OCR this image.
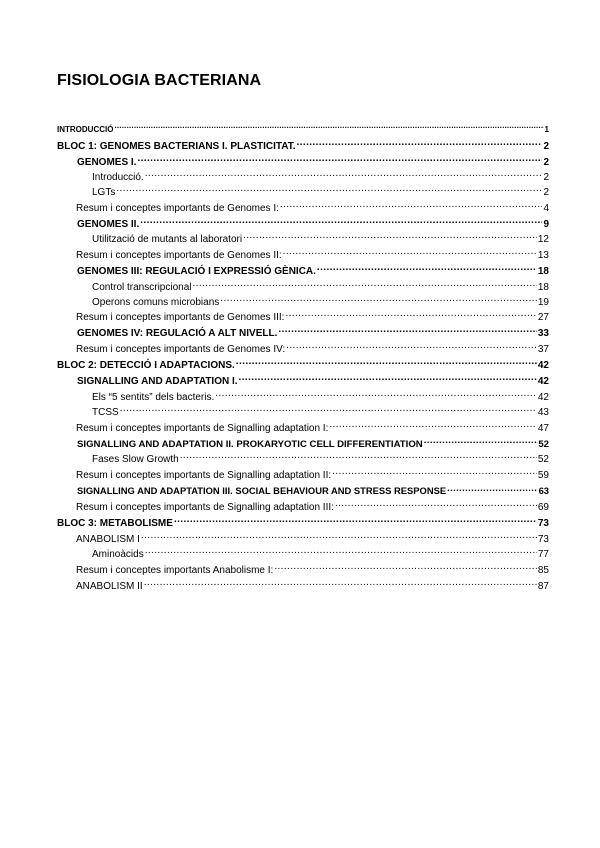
FISIOLOGIA BACTERIANA
INTRODUCCIÓ .....	1
BLOC 1: GENOMES BACTERIANS I. PLASTICITAT. .....	2
GENOMES I. .....	2
Introducció. .....	2
LGTs .....	2
Resum i conceptes importants de Genomes I: .....	4
GENOMES II. .....	9
Utilització de mutants al laboratori .....	12
Resum i conceptes importants de Genomes II: .....	13
GENOMES III: REGULACIÓ I EXPRESSIÓ GÈNICA. .....	18
Control transcripcional .....	18
Operons comuns microbians .....	19
Resum i conceptes importants de Genomes III: .....	27
GENOMES IV: REGULACIÓ A ALT NIVELL. .....	33
Resum i conceptes importants de Genomes IV: .....	37
BLOC 2: DETECCIÓ I ADAPTACIONS. .....	42
SIGNALLING AND ADAPTATION I. .....	42
Els “5 sentits” dels bacteris. .....	42
TCSS .....	43
Resum i conceptes importants de Signalling adaptation I: .....	47
SIGNALLING AND ADAPTATION II. PROKARYOTIC CELL DIFFERENTIATION .....	52
Fases Slow Growth .....	52
Resum i conceptes importants de Signalling adaptation II: .....	59
SIGNALLING AND ADAPTATION III. SOCIAL BEHAVIOUR AND STRESS RESPONSE .....	63
Resum i conceptes importants de Signalling adaptation III: .....	69
BLOC 3: METABOLISME .....	73
ANABOLISM I .....	73
Aminoàcids .....	77
Resum i conceptes importants Anabolisme I: .....	85
ANABOLISM II .....	87
